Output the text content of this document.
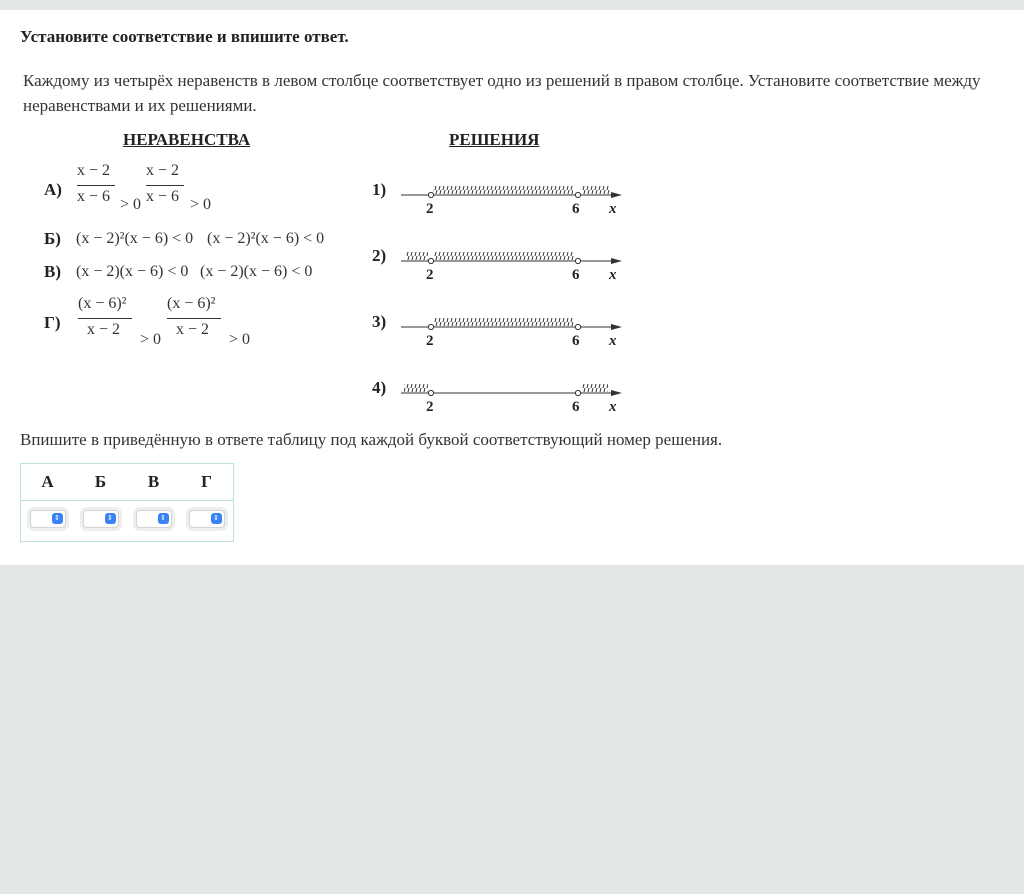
Установите соответствие и впишите ответ.
Каждому из четырёх неравенств в левом столбце соответствует одно из решений в правом столбце. Установите соответствие между неравенствами и их решениями.
НЕРАВЕНСТВА	РЕШЕНИЯ
А)
x − 2
x − 6 > 0
x − 2
x − 6 > 0
Б) (x − 2)²(x − 6) < 0 (x − 2)²(x − 6) < 0
В) (x − 2)(x − 6) < 0 (x − 2)(x − 6) < 0
Г)
(x − 6)²
x − 2
> 0
(x − 6)²
x − 2
> 0
1)
2)
3)
4)
2	6 x
2	6 x
2	6 x
2	6 x
Впишите в приведённую в ответе таблицу под каждой буквой соответствующий номер решения.
А	Б	В	Г

⇕	⇕	⇕	⇕
